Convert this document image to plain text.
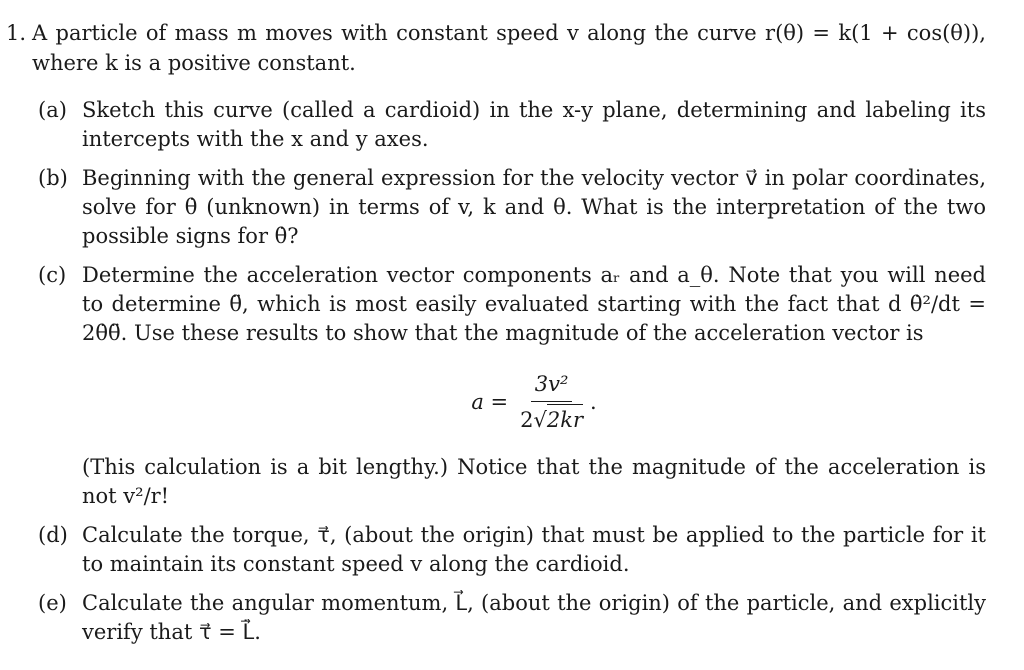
1. A particle of mass m moves with constant speed v along the curve r(θ) = k(1 + cos(θ)), where k is a positive constant.
(a) Sketch this curve (called a cardioid) in the x-y plane, determining and labeling its intercepts with the x and y axes.

(b) Beginning with the general expression for the velocity vector v⃗ in polar coordinates, solve for θ̇ (unknown) in terms of v, k and θ. What is the interpretation of the two possible signs for θ̇?

(c) Determine the acceleration vector components aᵣ and a_θ. Note that you will need to determine θ̈, which is most easily evaluated starting with the fact that d θ̇²/dt = 2θ̇θ̈. Use these results to show that the magnitude of the acceleration vector is

$a = \frac{\text{3v²}}{2√2kr}$ .

(This calculation is a bit lengthy.) Notice that the magnitude of the acceleration is not v²/r!

(d) Calculate the torque, τ⃗, (about the origin) that must be applied to the particle for it to maintain its constant speed v along the cardioid.

(e) Calculate the angular momentum, L⃗, (about the origin) of the particle, and explicitly verify that τ⃗ = L̇⃗.
